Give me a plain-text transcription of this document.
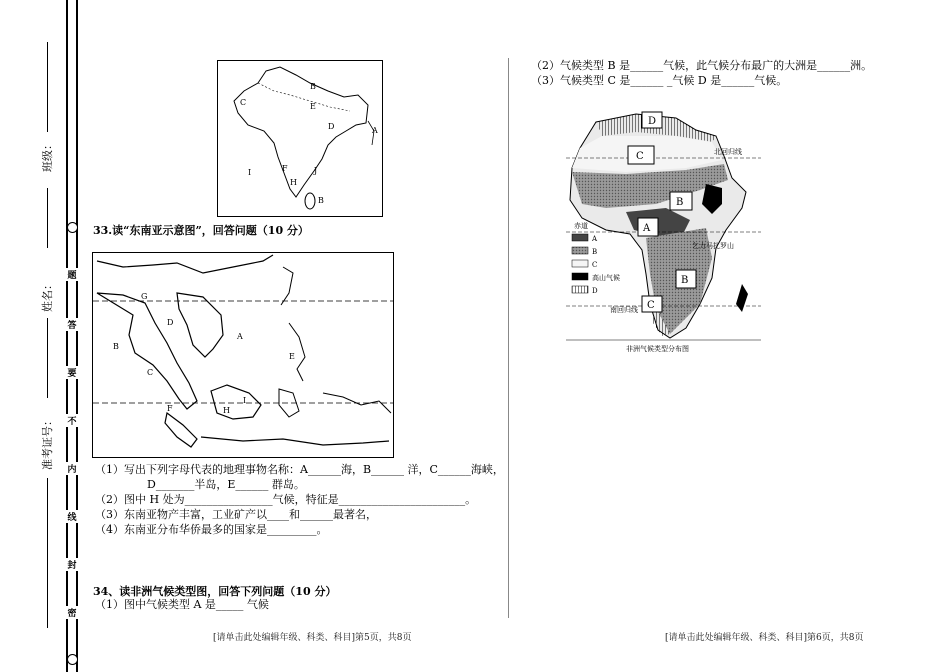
班级：
姓名：
准考证号：
题
答
要
不
内
线
封
密
C
B
D	A
E
F
I
H
J
B
33.读“东南亚示意图”，回答问题（10 分）
G
D
E
B
C
A
F	H
I
（1）写出下列字母代表的地理事物名称：A______海，B______ 洋，C______海峡，
D_______半岛，E______ 群岛。
（2）图中 H 处为________________气候，特征是_______________________。
（3）东南亚物产丰富，工业矿产以____和______最著名，
（4）东南亚分布华侨最多的国家是_________。
34、读非洲气候类型图，回答下列问题（10 分）
（1）图中气候类型 A 是_____ 气候
[请单击此处编辑年级、科类、科目]第5页，共8页
（2）气候类型 B 是______气候，此气候分布最广的大洲是______洲。
（3）气候类型 C 是______ _气候 D 是______气候。
D
C
B
A
B
C
北回归线
赤道
南回归线
乞力马扎罗山
A
B
C
高山气候
D
非洲气候类型分布图
[请单击此处编辑年级、科类、科目]第6页，共8页
